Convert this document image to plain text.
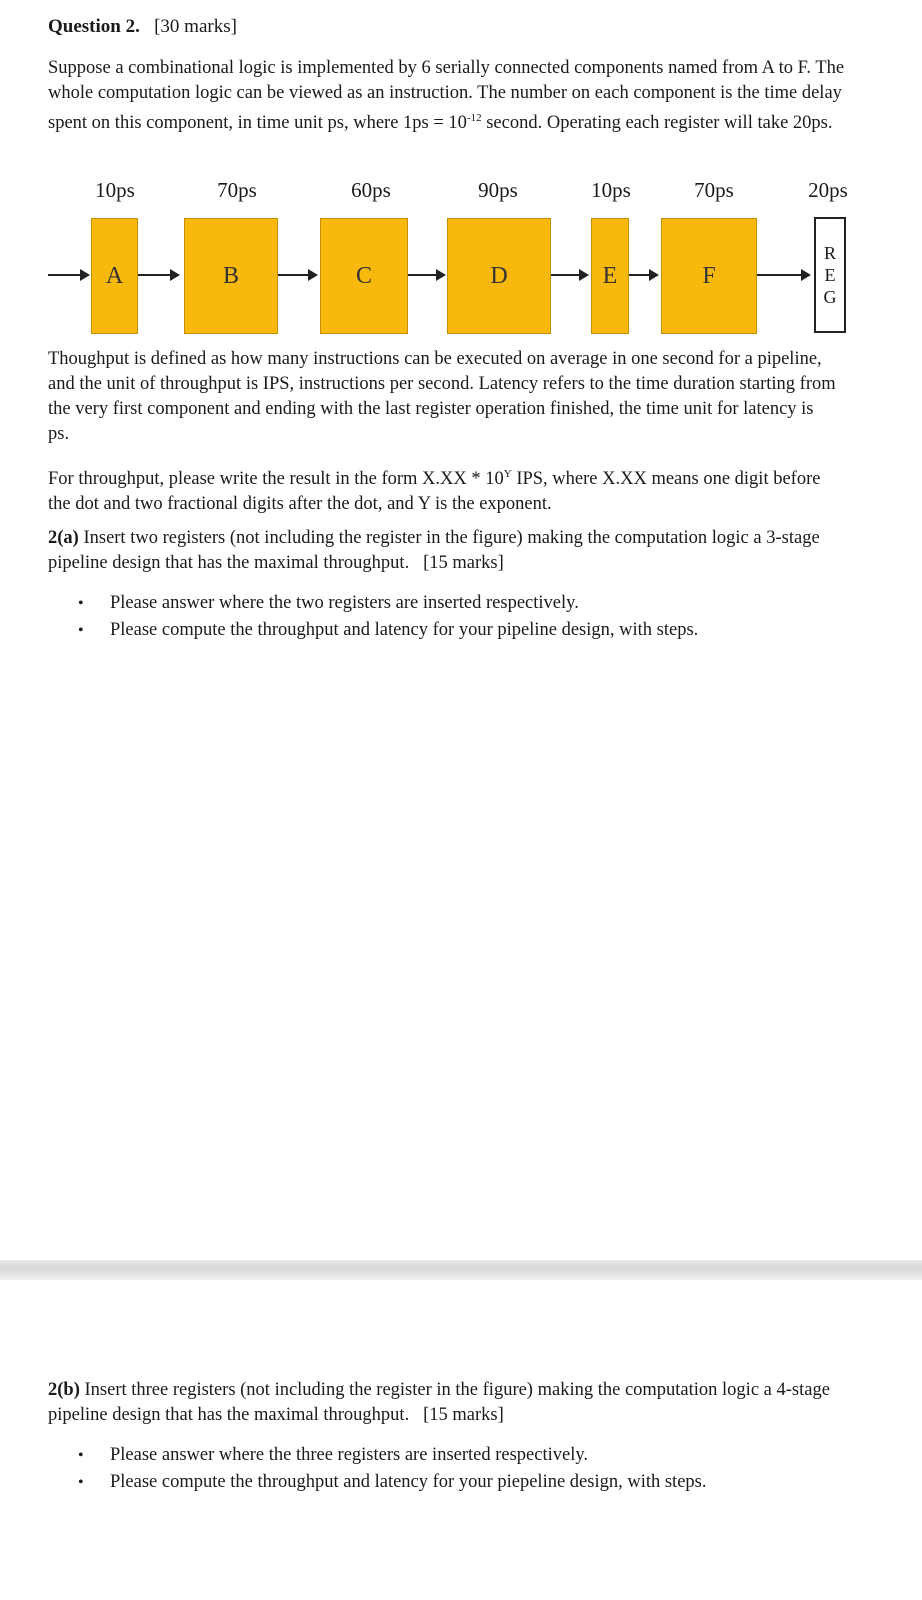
Question 2. [30 marks]

Suppose a combinational logic is implemented by 6 serially connected components named from A to F. The whole computation logic can be viewed as an instruction. The number on each component is the time delay spent on this component, in time unit ps, where $1ps = 10^{-12}$ second. Operating each register will take 20ps.

10ps	70ps	60ps	90ps	10ps	70ps	20ps
A	B	C	D	E	F
R
E
G

Thoughput is defined as how many instructions can be executed on average in one second for a pipeline, and the unit of throughput is IPS, instructions per second. Latency refers to the time duration starting from the very first component and ending with the last register operation finished, the time unit for latency is ps.

For throughput, please write the result in the form $X.XX * 10^Y$ IPS, where X.XX means one digit before the dot and two fractional digits after the dot, and Y is the exponent.

2(a) Insert two registers (not including the register in the figure) making the computation logic a 3-stage pipeline design that has the maximal throughput. [15 marks]

•	Please answer where the two registers are inserted respectively.
•	Please compute the throughput and latency for your pipeline design, with steps.

2(b) Insert three registers (not including the register in the figure) making the computation logic a 4-stage pipeline design that has the maximal throughput. [15 marks]

•	Please answer where the three registers are inserted respectively.
•	Please compute the throughput and latency for your piepeline design, with steps.
